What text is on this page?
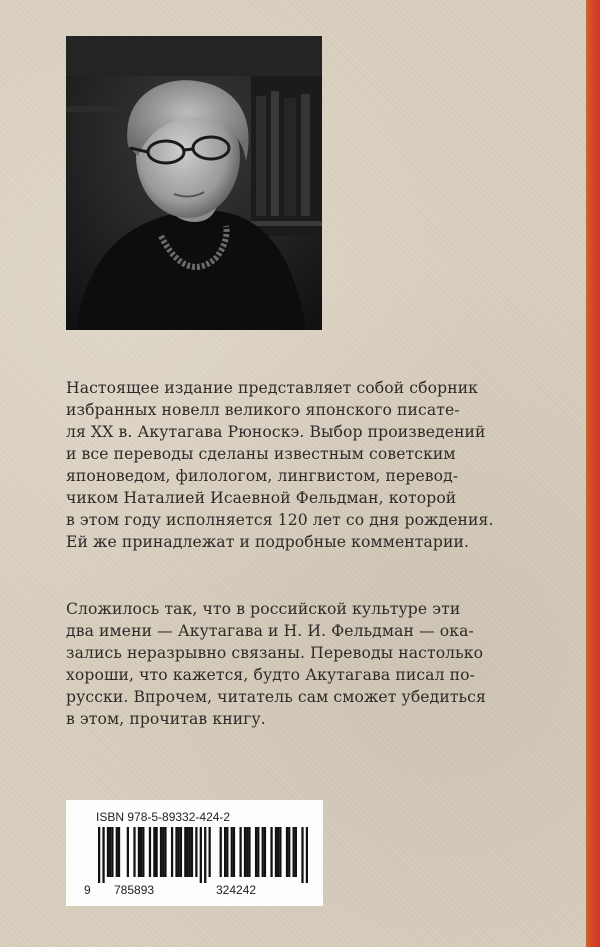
Настоящее издание представляет собой сборник
избранных новелл великого японского писате-
ля XX в. Акутагава Рюноскэ. Выбор произведений
и все переводы сделаны известным советским
японоведом, филологом, лингвистом, перевод-
чиком Наталией Исаевной Фельдман, которой
в этом году исполняется 120 лет со дня рождения.
Ей же принадлежат и подробные комментарии.
Сложилось так, что в российской культуре эти
два имени — Акутагава и Н. И. Фельдман — ока-
зались неразрывно связаны. Переводы настолько
хороши, что кажется, будто Акутагава писал по-
русски. Впрочем, читатель сам сможет убедиться
в этом, прочитав книгу.
ISBN 978-5-89332-424-2
9 785893	324242
